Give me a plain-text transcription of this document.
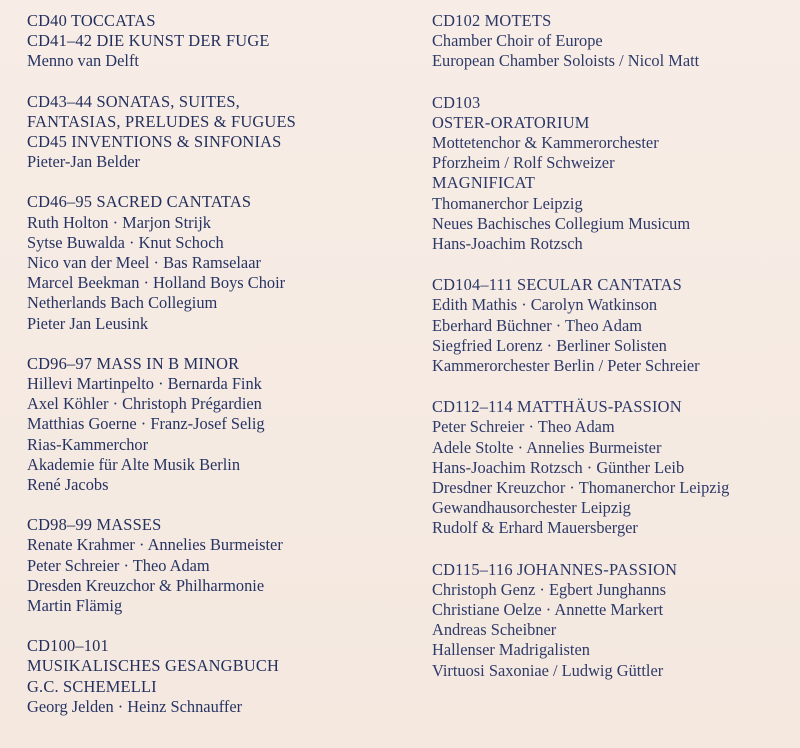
CD40 TOCCATAS
CD41–42 DIE KUNST DER FUGE
Menno van Delft
CD43–44 SONATAS, SUITES,
FANTASIAS, PRELUDES & FUGUES
CD45 INVENTIONS & SINFONIAS
Pieter-Jan Belder
CD46–95 SACRED CANTATAS
Ruth Holton · Marjon Strijk
Sytse Buwalda · Knut Schoch
Nico van der Meel · Bas Ramselaar
Marcel Beekman · Holland Boys Choir
Netherlands Bach Collegium
Pieter Jan Leusink
CD96–97 MASS IN B MINOR
Hillevi Martinpelto · Bernarda Fink
Axel Köhler · Christoph Prégardien
Matthias Goerne · Franz-Josef Selig
Rias-Kammerchor
Akademie für Alte Musik Berlin
René Jacobs
CD98–99 MASSES
Renate Krahmer · Annelies Burmeister
Peter Schreier · Theo Adam
Dresden Kreuzchor & Philharmonie
Martin Flämig
CD100–101
MUSIKALISCHES GESANGBUCH
G.C. SCHEMELLI
Georg Jelden · Heinz Schnauffer
CD102 MOTETS
Chamber Choir of Europe
European Chamber Soloists / Nicol Matt
CD103
OSTER-ORATORIUM
Mottetenchor & Kammerorchester
Pforzheim / Rolf Schweizer
MAGNIFICAT
Thomanerchor Leipzig
Neues Bachisches Collegium Musicum
Hans-Joachim Rotzsch
CD104–111 SECULAR CANTATAS
Edith Mathis · Carolyn Watkinson
Eberhard Büchner · Theo Adam
Siegfried Lorenz · Berliner Solisten
Kammerorchester Berlin / Peter Schreier
CD112–114 MATTHÄUS-PASSION
Peter Schreier · Theo Adam
Adele Stolte · Annelies Burmeister
Hans-Joachim Rotzsch · Günther Leib
Dresdner Kreuzchor · Thomanerchor Leipzig
Gewandhausorchester Leipzig
Rudolf & Erhard Mauersberger
CD115–116 JOHANNES-PASSION
Christoph Genz · Egbert Junghanns
Christiane Oelze · Annette Markert
Andreas Scheibner
Hallenser Madrigalisten
Virtuosi Saxoniae / Ludwig Güttler
